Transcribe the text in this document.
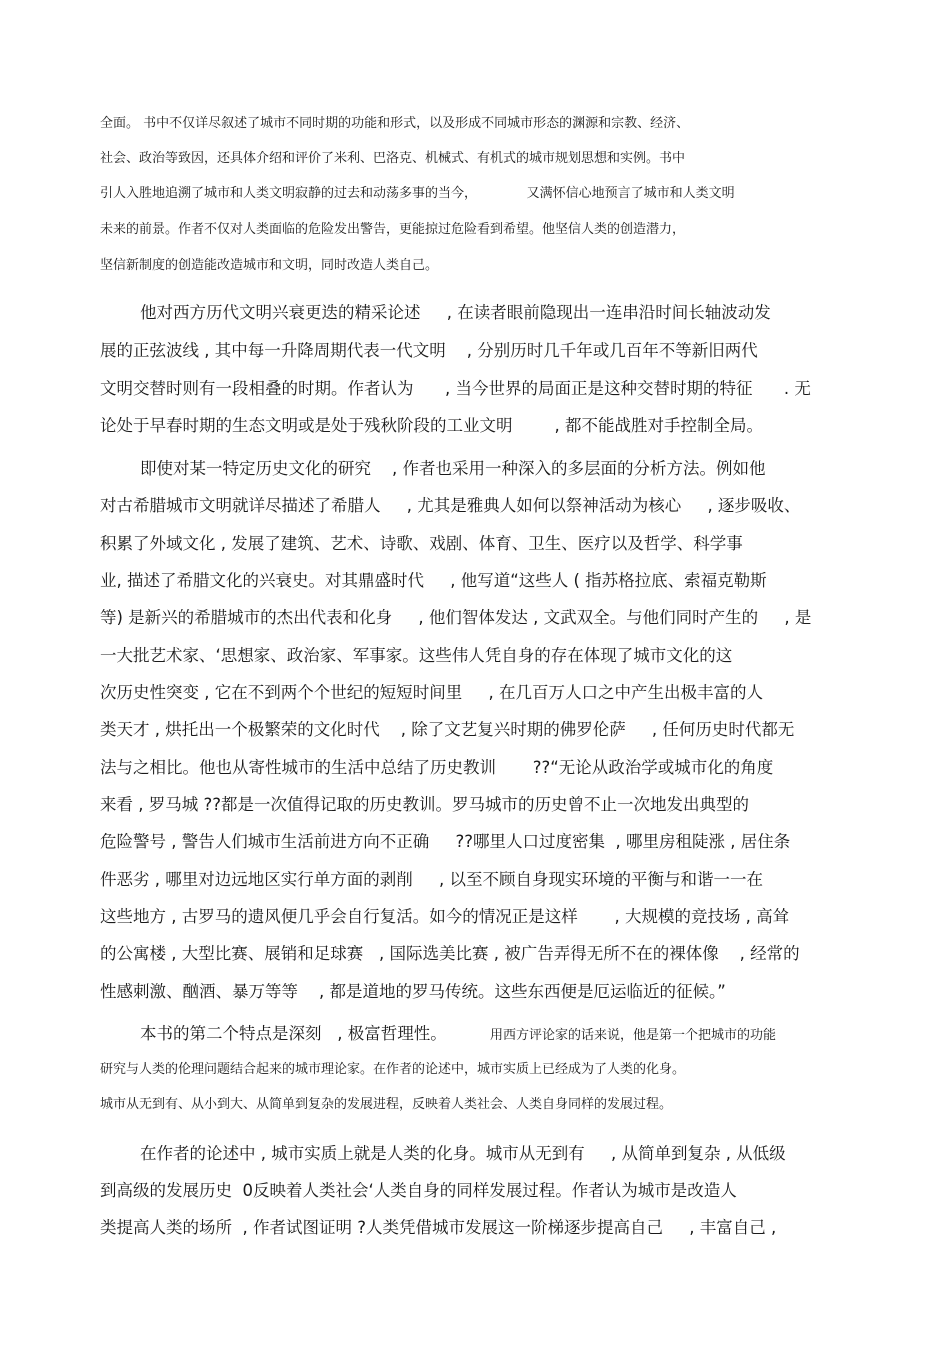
全面。 书中不仅详尽叙述了城市不同时期的功能和形式，以及形成不同城市形态的渊源和宗教、经济、
社会、政治等致因，还具体介绍和评价了米利、巴洛克、机械式、有机式的城市规划思想和实例。书中
引人入胜地追溯了城市和人类文明寂静的过去和动荡多事的当今，            又满怀信心地预言了城市和人类文明
未来的前景。作者不仅对人类面临的危险发出警告，更能掠过危险看到希望。他坚信人类的创造潜力，
坚信新制度的创造能改造城市和文明，同时改造人类自己。
他对西方历代文明兴衰更迭的精采论述     , 在读者眼前隐现出一连串沿时间长轴波动发
展的正弦波线 , 其中每一升降周期代表一代文明    , 分别历时几千年或几百年不等新旧两代
文明交替时则有一段相叠的时期。作者认为      , 当今世界的局面正是这种交替时期的特征      . 无
论处于早春时期的生态文明或是处于残秋阶段的工业文明        , 都不能战胜对手控制全局。
即使对某一特定历史文化的研究    , 作者也采用一种深入的多层面的分析方法。例如他
对古希腊城市文明就详尽描述了希腊人     , 尤其是雅典人如何以祭神活动为核心     , 逐步吸收、
积累了外域文化 , 发展了建筑、艺术、诗歌、戏剧、体育、卫生、医疗以及哲学、科学事
业, 描述了希腊文化的兴衰史。对其鼎盛时代     , 他写道“这些人 ( 指苏格拉底、索福克勒斯
等) 是新兴的希腊城市的杰出代表和化身     , 他们智体发达 , 文武双全。与他们同时产生的     , 是
一大批艺术家、‘思想家、政治家、军事家。这些伟人凭自身的存在体现了城市文化的这
次历史性突变 , 它在不到两个个世纪的短短时间里     , 在几百万人口之中产生出极丰富的人
类天才 , 烘托出一个极繁荣的文化时代    , 除了文艺复兴时期的佛罗伦萨     , 任何历史时代都无
法与之相比。他也从寄性城市的生活中总结了历史教训       ??“无论从政治学或城市化的角度
来看 , 罗马城 ??都是一次值得记取的历史教训。罗马城市的历史曾不止一次地发出典型的
危险警号 , 警告人们城市生活前进方向不正确     ??哪里人口过度密集  , 哪里房租陡涨 , 居住条
件恶劣 , 哪里对边远地区实行单方面的剥削     , 以至不顾自身现实环境的平衡与和谐一一在
这些地方 , 古罗马的遗风便几乎会自行复活。如今的情况正是这样       , 大规模的竞技场 , 高耸
的公寓楼 , 大型比赛、展销和足球赛   , 国际选美比赛 , 被广告弄得无所不在的裸体像    , 经常的
性感刺激、酗酒、暴万等等    , 都是道地的罗马传统。这些东西便是厄运临近的征候。”
本书的第二个特点是深刻   , 极富哲理性。	用西方评论家的话来说，他是第一个把城市的功能
研究与人类的伦理问题结合起来的城市理论家。在作者的论述中，城市实质上已经成为了人类的化身。
城市从无到有、从小到大、从简单到复杂的发展进程，反映着人类社会、人类自身同样的发展过程。
在作者的论述中 , 城市实质上就是人类的化身。城市从无到有     , 从简单到复杂 , 从低级
到高级的发展历史  0反映着人类社会‘人类自身的同样发展过程。作者认为城市是改造人
类提高人类的场所  , 作者试图证明 ?人类凭借城市发展这一阶梯逐步提高自己     , 丰富自己 ,
